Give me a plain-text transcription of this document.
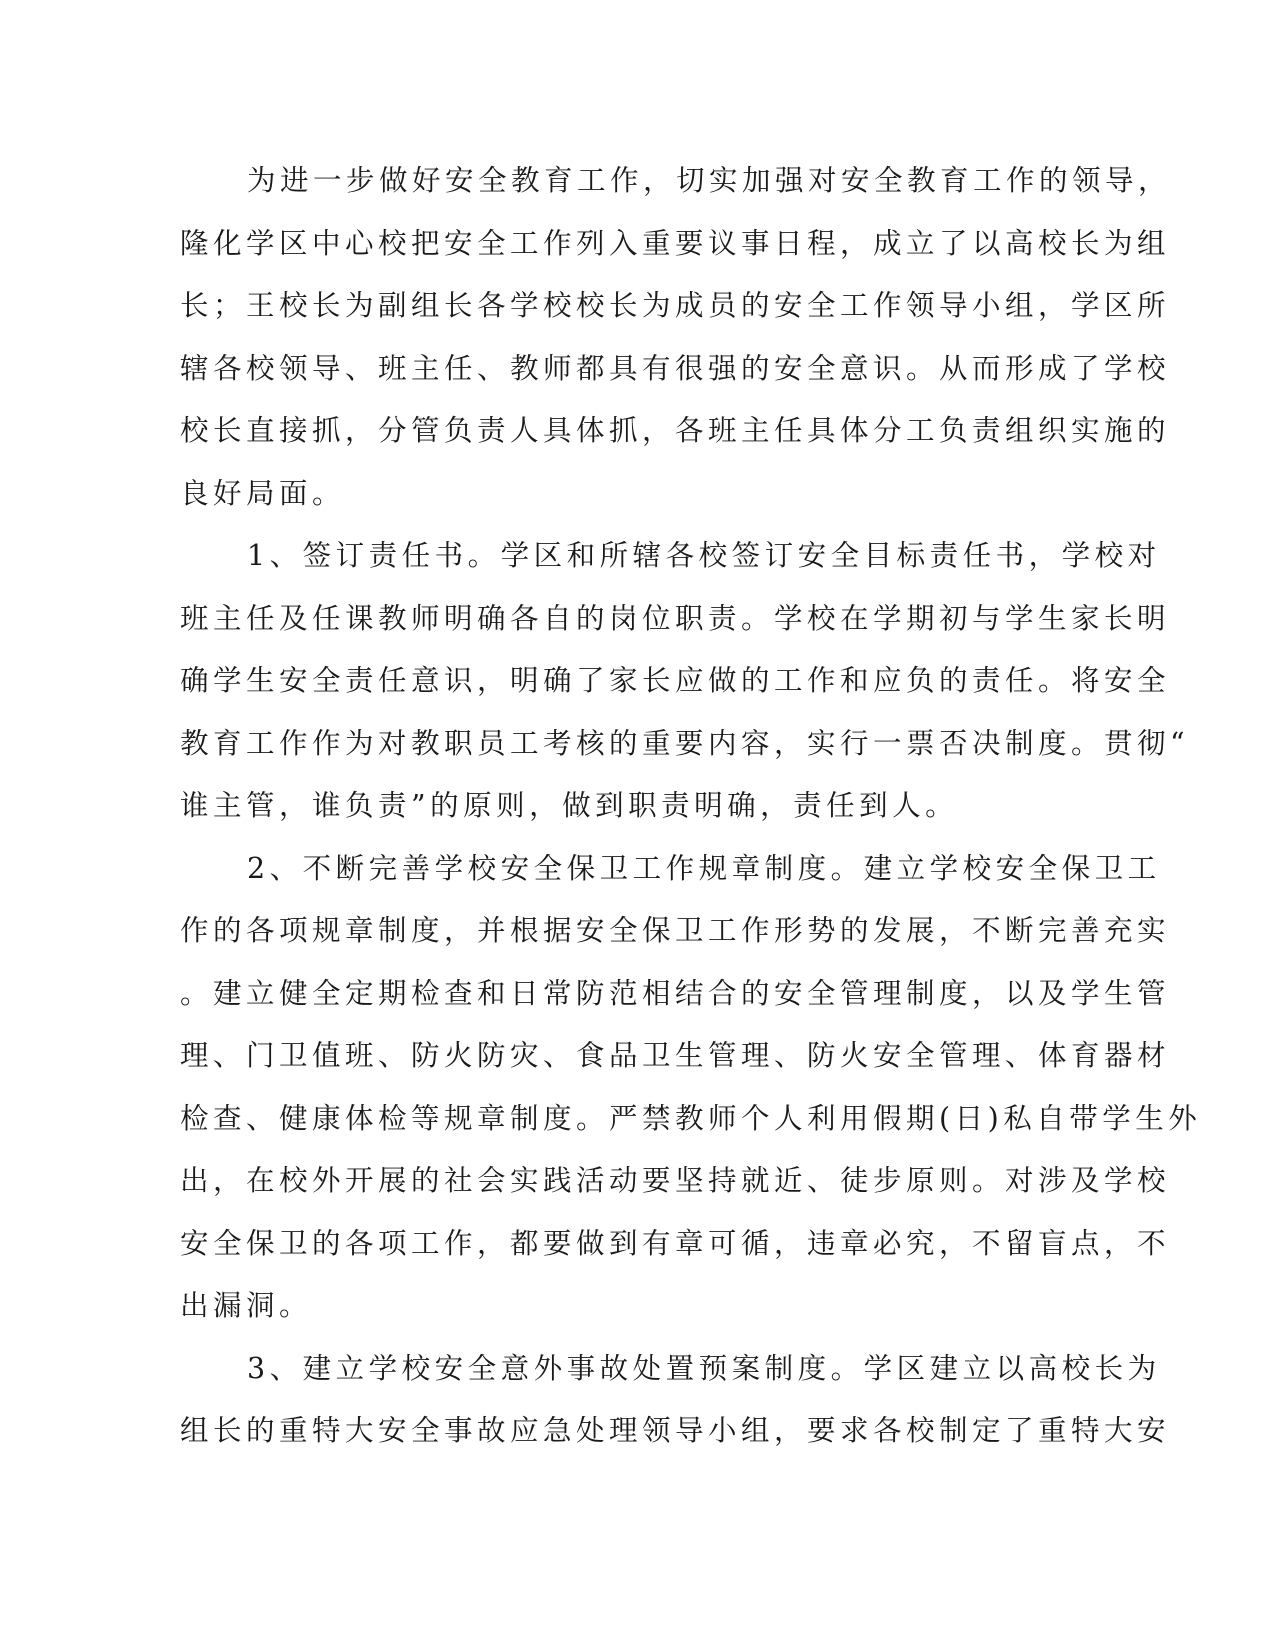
为进一步做好安全教育工作，切实加强对安全教育工作的领导，
隆化学区中心校把安全工作列入重要议事日程，成立了以高校长为组
长；王校长为副组长各学校校长为成员的安全工作领导小组，学区所
辖各校领导、班主任、教师都具有很强的安全意识。从而形成了学校
校长直接抓，分管负责人具体抓，各班主任具体分工负责组织实施的
良好局面。
1、签订责任书。学区和所辖各校签订安全目标责任书，学校对
班主任及任课教师明确各自的岗位职责。学校在学期初与学生家长明
确学生安全责任意识，明确了家长应做的工作和应负的责任。将安全
教育工作作为对教职员工考核的重要内容，实行一票否决制度。贯彻“
谁主管，谁负责”的原则，做到职责明确，责任到人。
2、不断完善学校安全保卫工作规章制度。建立学校安全保卫工
作的各项规章制度，并根据安全保卫工作形势的发展，不断完善充实
。建立健全定期检查和日常防范相结合的安全管理制度，以及学生管
理、门卫值班、防火防灾、食品卫生管理、防火安全管理、体育器材
检查、健康体检等规章制度。严禁教师个人利用假期(日)私自带学生外
出，在校外开展的社会实践活动要坚持就近、徒步原则。对涉及学校
安全保卫的各项工作，都要做到有章可循，违章必究，不留盲点，不
出漏洞。
3、建立学校安全意外事故处置预案制度。学区建立以高校长为
组长的重特大安全事故应急处理领导小组，要求各校制定了重特大安
